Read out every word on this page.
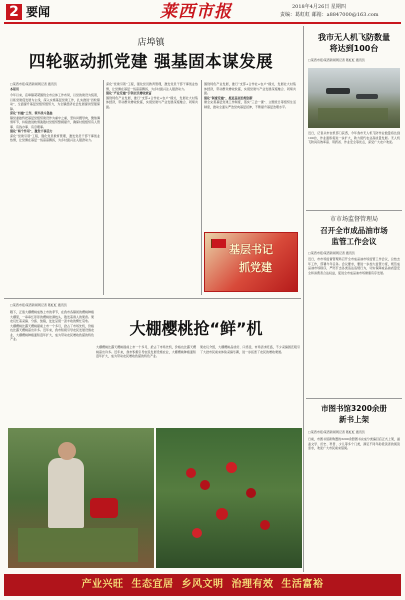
2 要闻	莱西市报	2018年4月26日 星期四
责编：葛虹虹 邮箱：a8847000@163.com
店埠镇
四轮驱动抓党建 强基固本谋发展
□莱西市报/莱西新闻网记者 通讯员
本报讯
今年以来，店埠镇紧紧围绕全市总体工作布局，以党的建设为统领，以抓党建促发展为主线，深入实施基层党建工作，扎实推进“四轮驱动”，全面提升基层党组织组织力，为全镇经济社会发展提供坚强保障。
深化“四建”工作，筑牢战斗堡垒
镇党委始终把基层党组织建设作为重中之重，坚持问题导向，聚焦薄弱环节，持续推进软弱涣散村党组织整顿提升，确保村级组织有人管事、有钱办事、有章理事。
强化“两个作用”，激发干事活力
深化“党建引领”工程，强化党员教育管理，激发党员干部干事创业热情，让党旗在基层一线高高飘扬，为乡村振兴注入强劲动力。
深化“党建引领”工程，强化党员教育管理，激发党员干部干事创业热情，让党旗在基层一线高高飘扬，为乡村振兴注入强劲动力。
强化“产业党建”引领农民增收致富
围绕特色产业发展，推行“支部+合作社+农户”模式，发展壮大村集体经济，带动群众增收致富，实现党建与产业发展深度融合、同频共振。
围绕特色产业发展，推行“支部+合作社+农户”模式，发展壮大村集体经济，带动群众增收致富，实现党建与产业发展深度融合、同频共振。
强化“制度党建”，推进基层治理创新
健全完善基层党建工作制度，落实“三会一课”、主题党日等组织生活制度，推动全面从严治党向基层延伸，不断提升基层治理水平。
基层书记
抓党建
我市无人机飞防数量
将达到100台
□莱西市报/莱西新闻网记者 葛虹虹 通讯员
近日，记者从市农机部门获悉，今年我市无人机飞防作业数量将达到100台，作业面积将进一步扩大，助力现代农业高质量发展。无人机飞防具有效率高、用药省、作业安全等优点，深受广大农户欢迎。
市市场监督管理局
召开全市成品油市场
监管工作会议
□莱西市报/莱西新闻网记者 通讯员
近日，市市场监督管理局召开全市成品油市场监管工作会议，总结去年工作，部署今年任务。会议要求，要进一步加大监管力度，规范成品油市场秩序，严厉打击各类违法违规行为，切实保障成品油质量安全和消费者合法权益，促进全市成品油市场健康有序发展。
市图书馆3200余册
新书上架
□莱西市报/莱西新闻网记者 葛虹虹 通讯员
日前，市图书馆新购置的3200余册图书完成分类编目后正式上架，涵盖文学、历史、科普、少儿等多个门类，满足不同年龄段读者的阅读需求，欢迎广大市民前来借阅。
□莱西市报/莱西新闻网记者 葛虹虹 通讯员
大棚樱桃抢“鲜”机
眼下，正值大棚樱桃成熟上市的季节，在我市各镇街的樱桃种植大棚里，一串串红彤彤的樱桃挂满枝头，散发着诱人的果香。果农们忙着采摘、分拣、装箱，处处呈现一派丰收的繁忙景象。
大棚樱桃比露天樱桃提前上市一个多月，抢占了市场先机，价格也比露天樱桃高出许多。近年来，我市积极引导农民发展设施农业，大棚樱桃种植面积逐年扩大，成为带动农民增收致富的特色产业。
大棚樱桃比露天樱桃提前上市一个多月，抢占了市场先机，价格也比露天樱桃高出许多。近年来，我市积极引导农民发展设施农业，大棚樱桃种植面积逐年扩大，成为带动农民增收致富的特色产业。
果农们介绍，大棚樱桃品质好、口感佳，市场需求旺盛，不少采摘园还吸引了大批市民前来体验采摘乐趣，进一步拓宽了农民的增收渠道。
产业兴旺  生态宜居  乡风文明  治理有效  生活富裕
